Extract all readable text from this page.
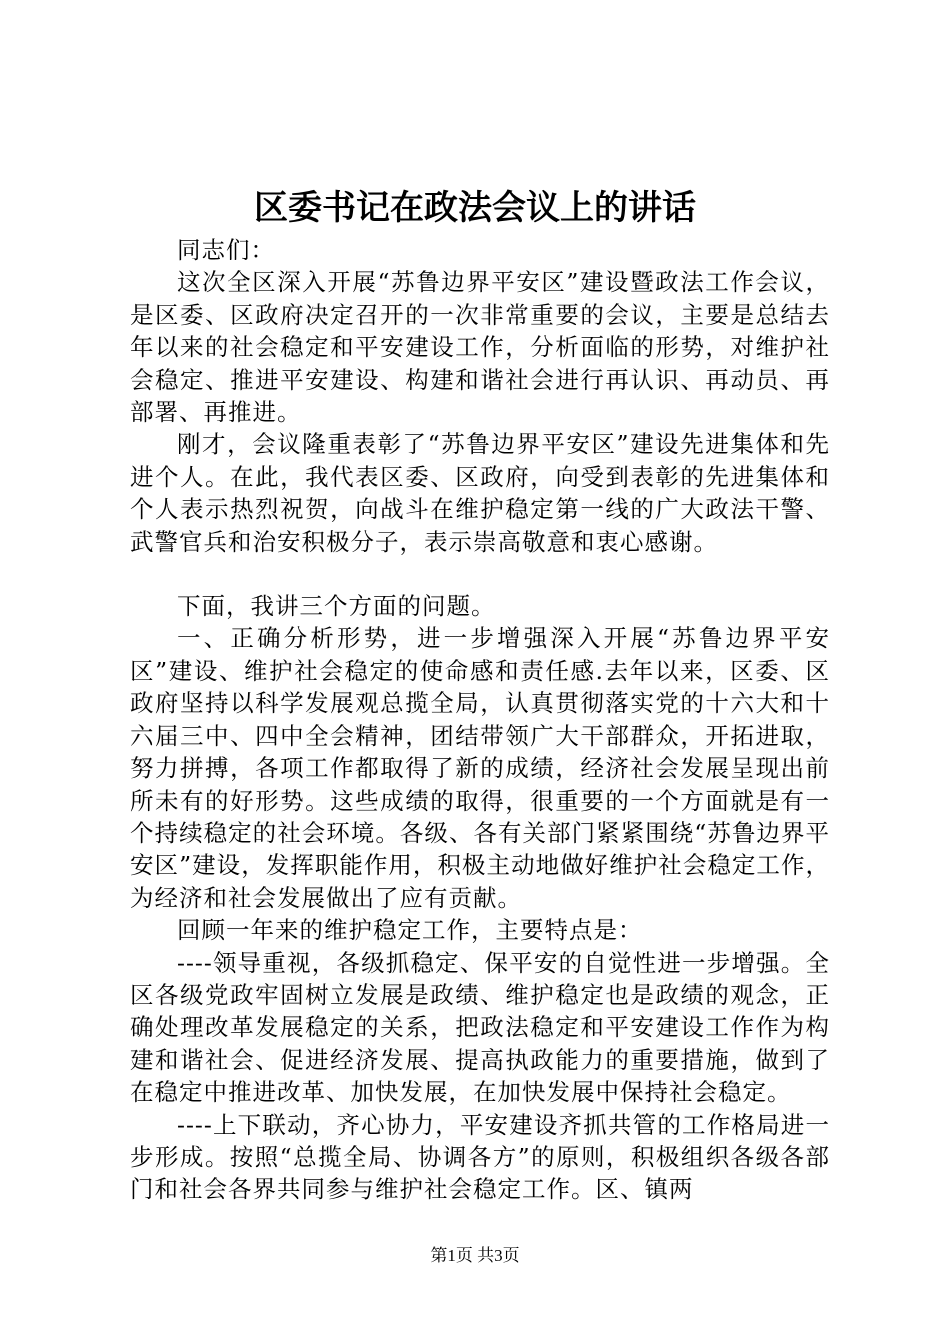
区委书记在政法会议上的讲话

同志们：

这次全区深入开展“苏鲁边界平安区”建设暨政法工作会议，是区委、区政府决定召开的一次非常重要的会议，主要是总结去年以来的社会稳定和平安建设工作，分析面临的形势，对维护社会稳定、推进平安建设、构建和谐社会进行再认识、再动员、再部署、再推进。

刚才，会议隆重表彰了“苏鲁边界平安区”建设先进集体和先进个人。在此，我代表区委、区政府，向受到表彰的先进集体和个人表示热烈祝贺，向战斗在维护稳定第一线的广大政法干警、武警官兵和治安积极分子，表示崇高敬意和衷心感谢。

下面，我讲三个方面的问题。

一、正确分析形势，进一步增强深入开展“苏鲁边界平安区”建设、维护社会稳定的使命感和责任感.去年以来，区委、区政府坚持以科学发展观总揽全局，认真贯彻落实党的十六大和十六届三中、四中全会精神，团结带领广大干部群众，开拓进取，努力拼搏，各项工作都取得了新的成绩，经济社会发展呈现出前所未有的好形势。这些成绩的取得，很重要的一个方面就是有一个持续稳定的社会环境。各级、各有关部门紧紧围绕“苏鲁边界平安区”建设，发挥职能作用，积极主动地做好维护社会稳定工作，为经济和社会发展做出了应有贡献。

回顾一年来的维护稳定工作，主要特点是：

----领导重视，各级抓稳定、保平安的自觉性进一步增强。全区各级党政牢固树立发展是政绩、维护稳定也是政绩的观念，正确处理改革发展稳定的关系，把政法稳定和平安建设工作作为构建和谐社会、促进经济发展、提高执政能力的重要措施，做到了在稳定中推进改革、加快发展，在加快发展中保持社会稳定。

----上下联动，齐心协力，平安建设齐抓共管的工作格局进一步形成。按照“总揽全局、协调各方”的原则，积极组织各级各部门和社会各界共同参与维护社会稳定工作。区、镇两

第1页 共3页
